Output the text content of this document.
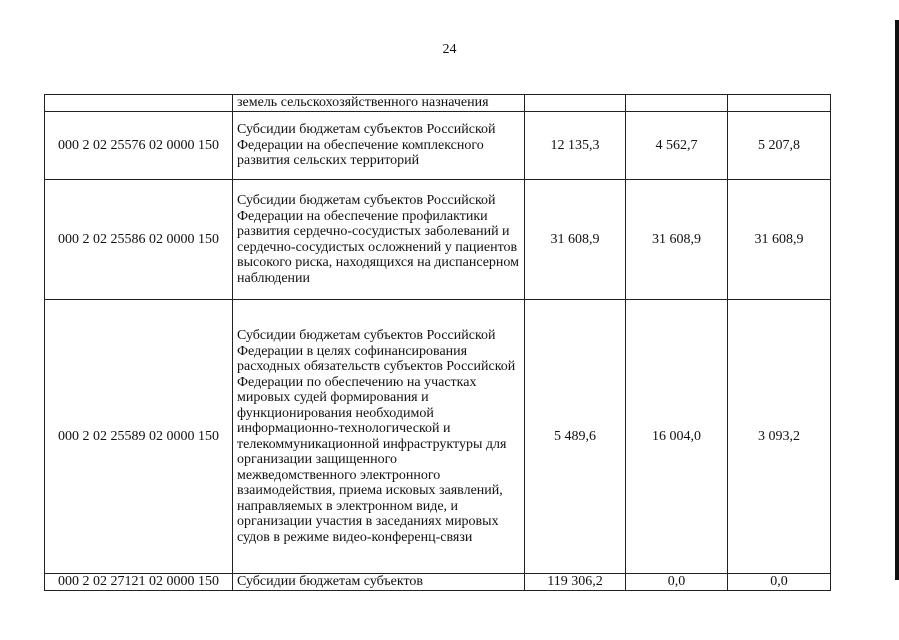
24
	земель сельскохозяйственного назначения			
000 2 02 25576 02 0000 150	Субсидии бюджетам субъектов Российской Федерации на обеспечение комплексного развития сельских территорий	12 135,3	4 562,7	5 207,8
000 2 02 25586 02 0000 150	Субсидии бюджетам субъектов Российской Федерации на обеспечение профилактики развития сердечно-сосудистых заболеваний и сердечно-сосудистых осложнений у пациентов высокого риска, находящихся на диспансерном наблюдении	31 608,9	31 608,9	31 608,9
000 2 02 25589 02 0000 150	Субсидии бюджетам субъектов Российской Федерации в целях софинансирования расходных обязательств субъектов Российской Федерации по обеспечению на участках мировых судей формирования и функционирования необходимой информационно-технологической и телекоммуникационной инфраструктуры для организации защищенного межведомственного электронного взаимодействия, приема исковых заявлений, направляемых в электронном виде, и организации участия в заседаниях мировых судов в режиме видео-конференц-связи	5 489,6	16 004,0	3 093,2
000 2 02 27121 02 0000 150	Субсидии бюджетам субъектов	119 306,2	0,0	0,0
